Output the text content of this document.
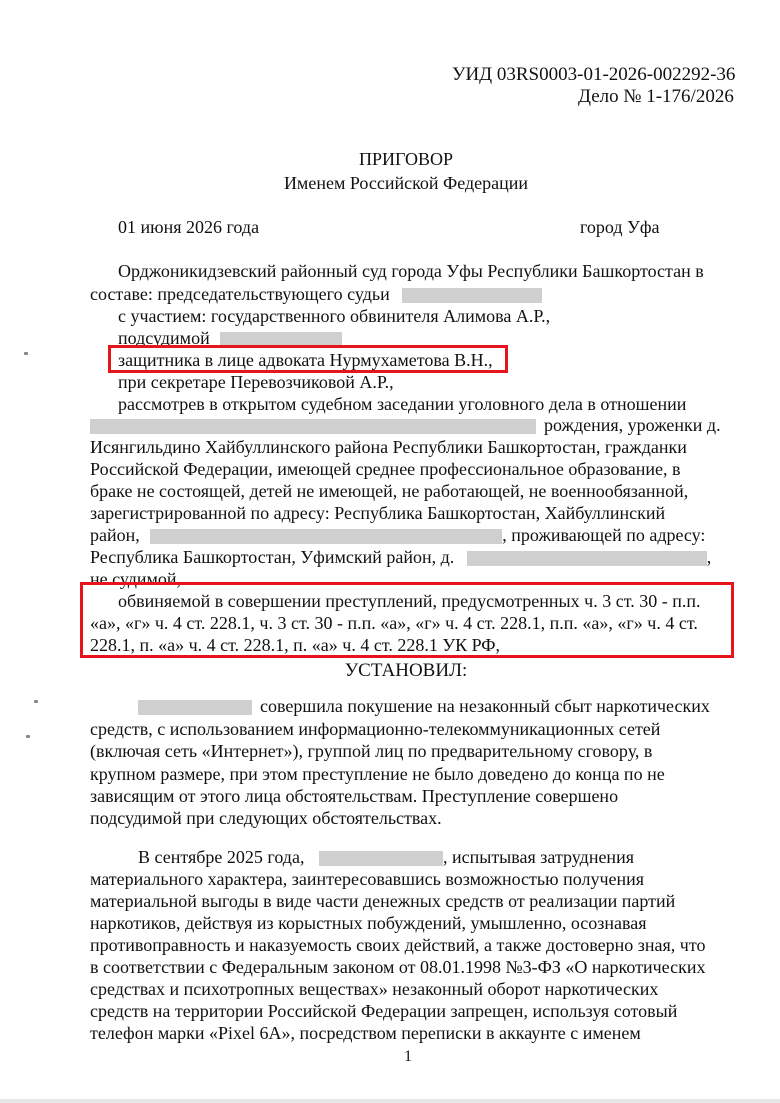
УИД 03RS0003-01-2026-002292-36
Дело № 1-176/2026
ПРИГОВОР
Именем Российской Федерации
01 июня 2026 года	город Уфа
Орджоникидзевский районный суд города Уфы Республики Башкортостан в
составе: председательствующего судьи
с участием: государственного обвинителя Алимова А.Р.,
подсудимой
защитника в лице адвоката Нурмухаметова В.Н.,
при секретаре Перевозчиковой А.Р.,
рассмотрев в открытом судебном заседании уголовного дела в отношении
рождения, уроженки д.
Исянгильдино Хайбуллинского района Республики Башкортостан, гражданки
Российской Федерации, имеющей среднее профессиональное образование, в
браке не состоящей, детей не имеющей, не работающей, не военнообязанной,
зарегистрированной по адресу: Республика Башкортостан, Хайбуллинский
район,	, проживающей по адресу:
Республика Башкортостан, Уфимский район, д.	,
не судимой,
обвиняемой в совершении преступлений, предусмотренных ч. 3 ст. 30 - п.п.
«а», «г» ч. 4 ст. 228.1, ч. 3 ст. 30 - п.п. «а», «г» ч. 4 ст. 228.1, п.п. «а», «г» ч. 4 ст.
228.1, п. «а» ч. 4 ст. 228.1, п. «а» ч. 4 ст. 228.1 УК РФ,
УСТАНОВИЛ:
совершила покушение на незаконный сбыт наркотических
средств, с использованием информационно-телекоммуникационных сетей
(включая сеть «Интернет»), группой лиц по предварительному сговору, в
крупном размере, при этом преступление не было доведено до конца по не
зависящим от этого лица обстоятельствам. Преступление совершено
подсудимой при следующих обстоятельствах.
В сентябре 2025 года,	, испытывая затруднения
материального характера, заинтересовавшись возможностью получения
материальной выгоды в виде части денежных средств от реализации партий
наркотиков, действуя из корыстных побуждений, умышленно, осознавая
противоправность и наказуемость своих действий, а также достоверно зная, что
в соответствии с Федеральным законом от 08.01.1998 №3-ФЗ «О наркотических
средствах и психотропных веществах» незаконный оборот наркотических
средств на территории Российской Федерации запрещен, используя сотовый
телефон марки «Pixel 6A», посредством переписки в аккаунте с именем
1
